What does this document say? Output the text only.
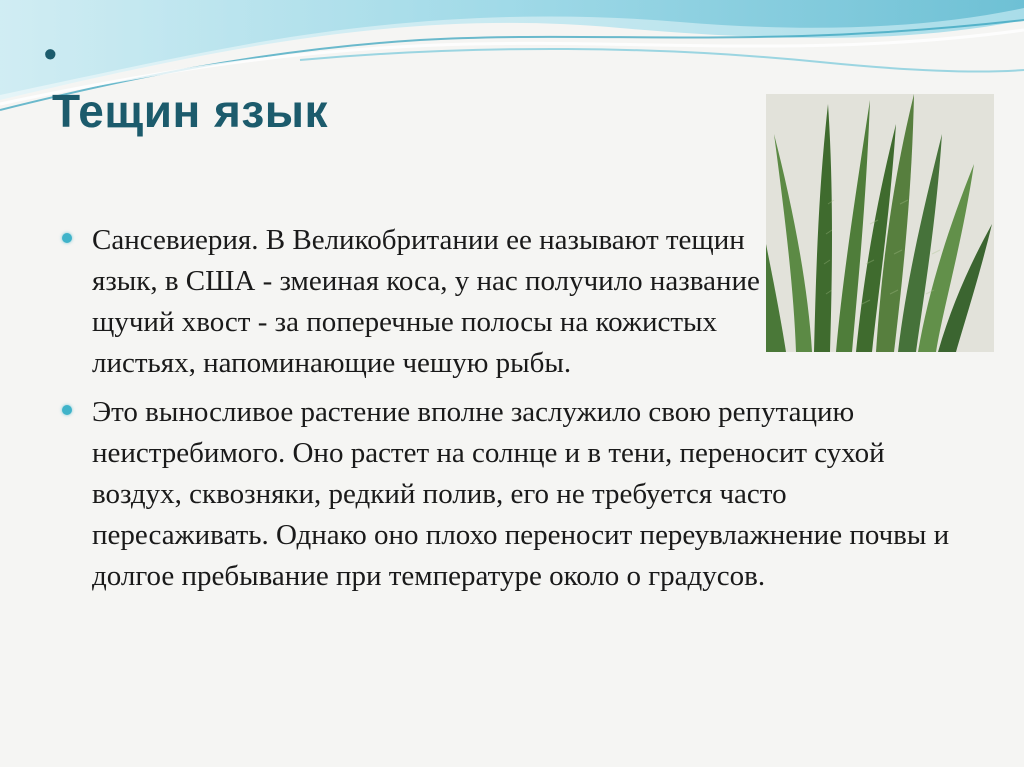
•
Тещин язык
Сансевиерия. В Великобритании ее называют тещин язык, в США - змеиная коса, у нас получило название щучий хвост - за поперечные полосы на кожистых листьях, напоминающие чешую рыбы.
Это выносливое растение вполне заслужило свою репутацию неистребимого. Оно растет на солнце и в тени, переносит сухой воздух, сквозняки, редкий полив, его не требуется часто пересаживать. Однако оно плохо переносит переувлажнение почвы и долгое пребывание при температуре около о градусов.
